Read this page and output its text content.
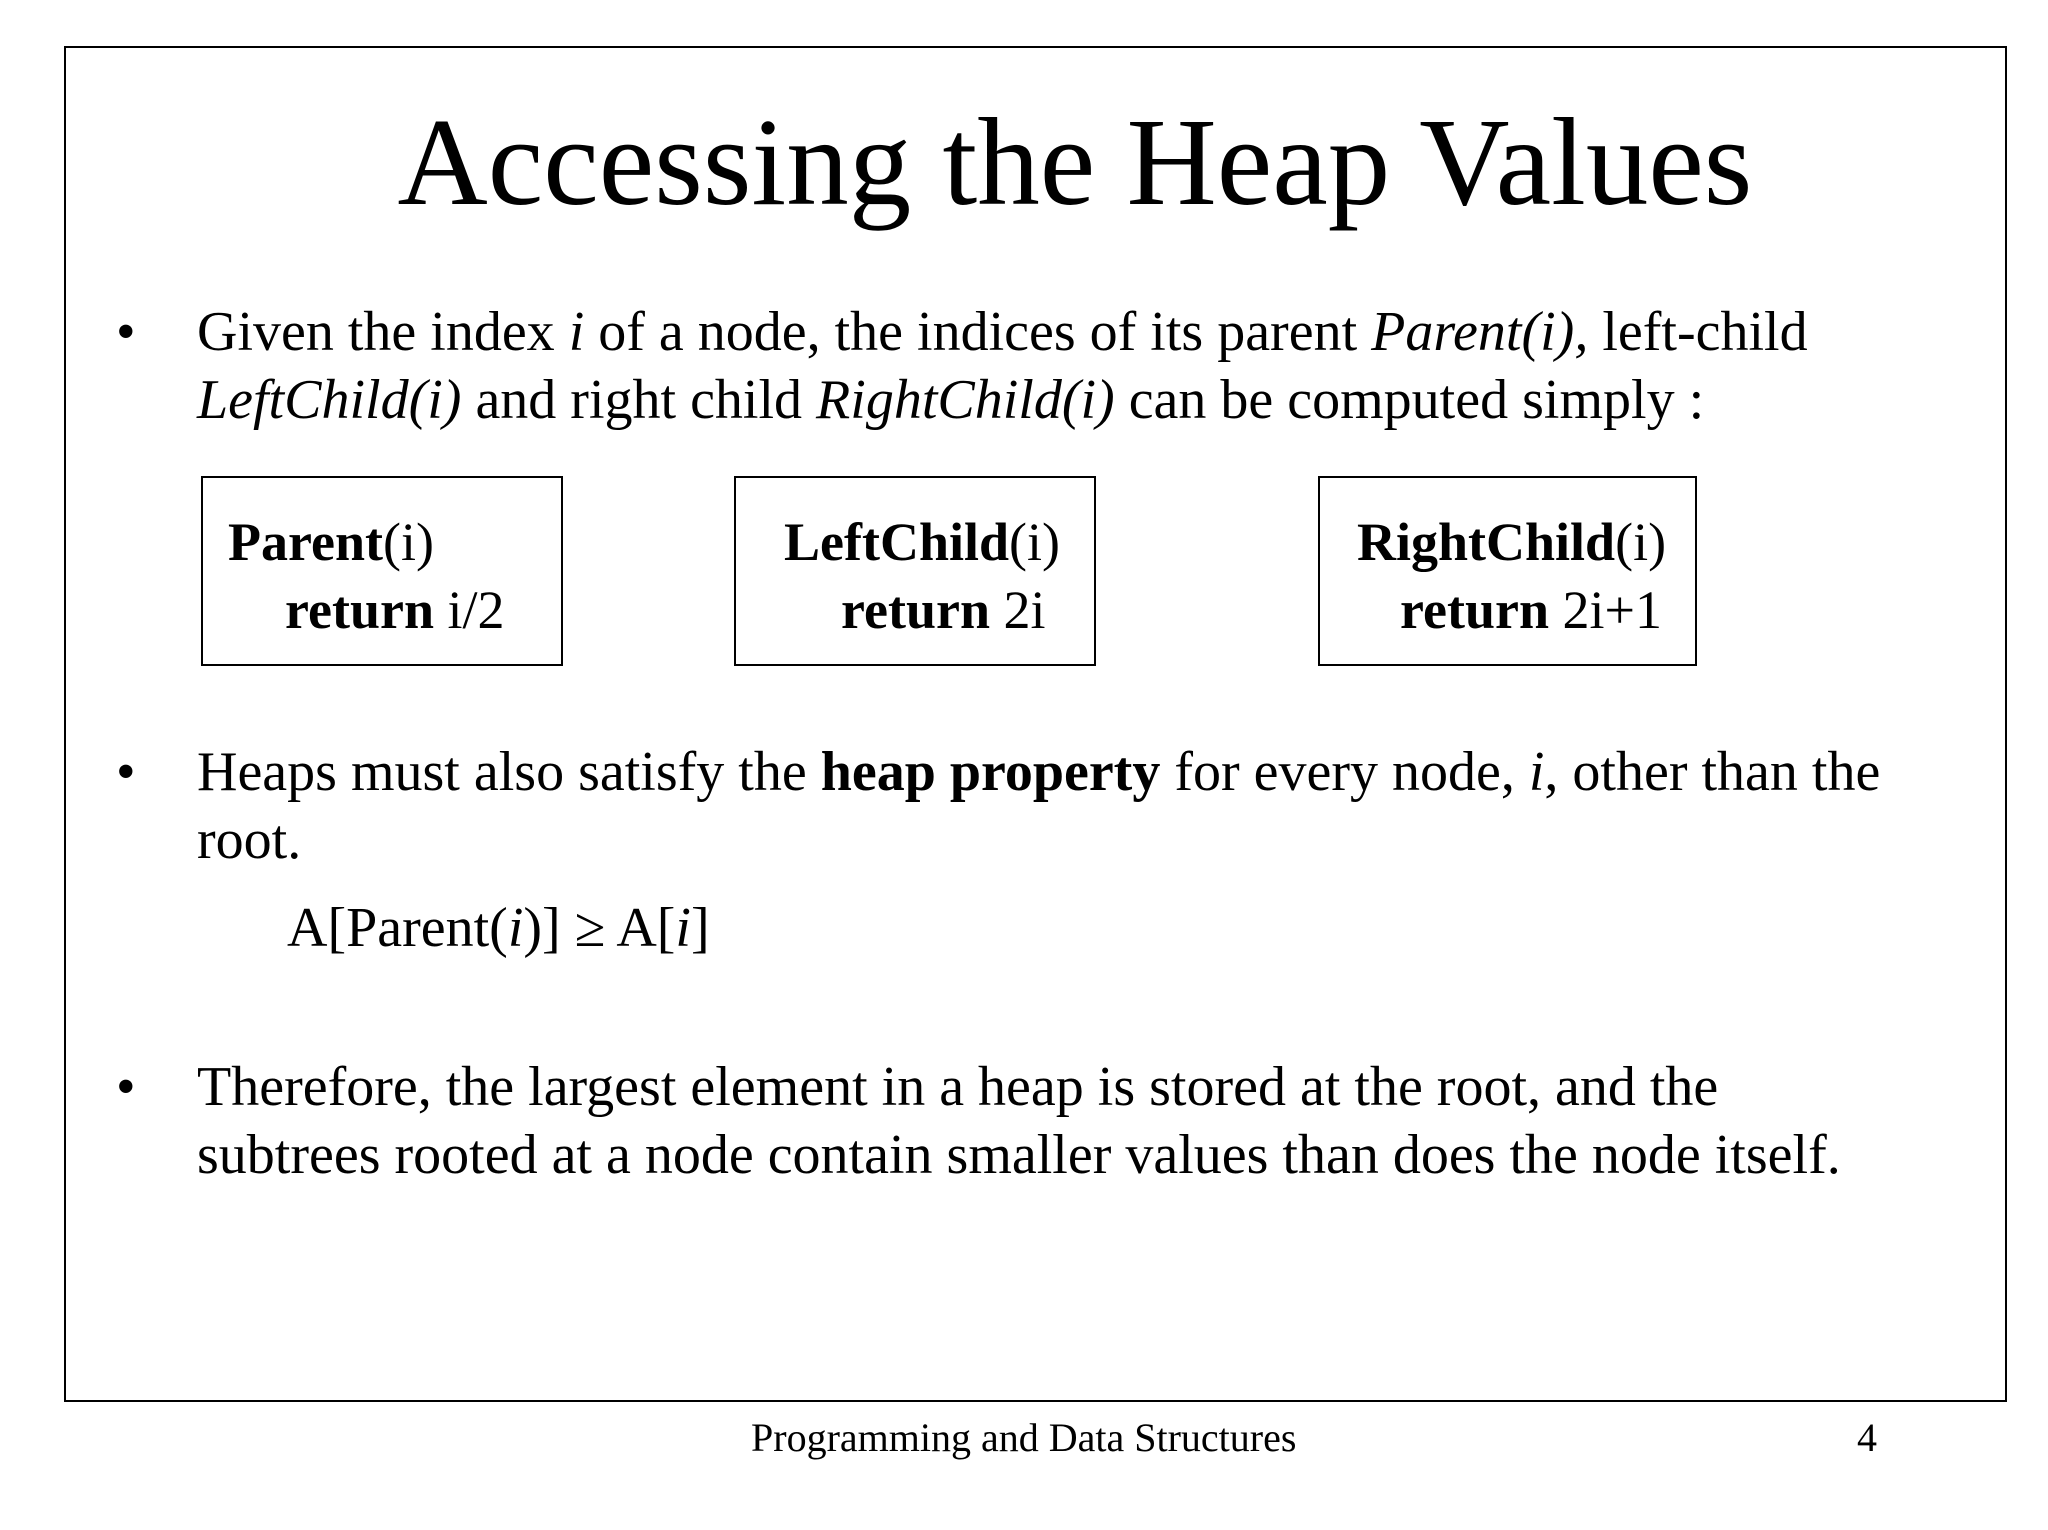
Accessing the Heap Values
• Given the index i of a node, the indices of its parent Parent(i), left-child
LeftChild(i) and right child RightChild(i) can be computed simply :
Parent(i)
return i/2
LeftChild(i)
return 2i
RightChild(i)
return 2i+1
• Heaps must also satisfy the heap property for every node, i, other than the
root.
A[Parent(i)] ≥ A[i]
• Therefore, the largest element in a heap is stored at the root, and the
subtrees rooted at a node contain smaller values than does the node itself.
Programming and Data Structures	4
